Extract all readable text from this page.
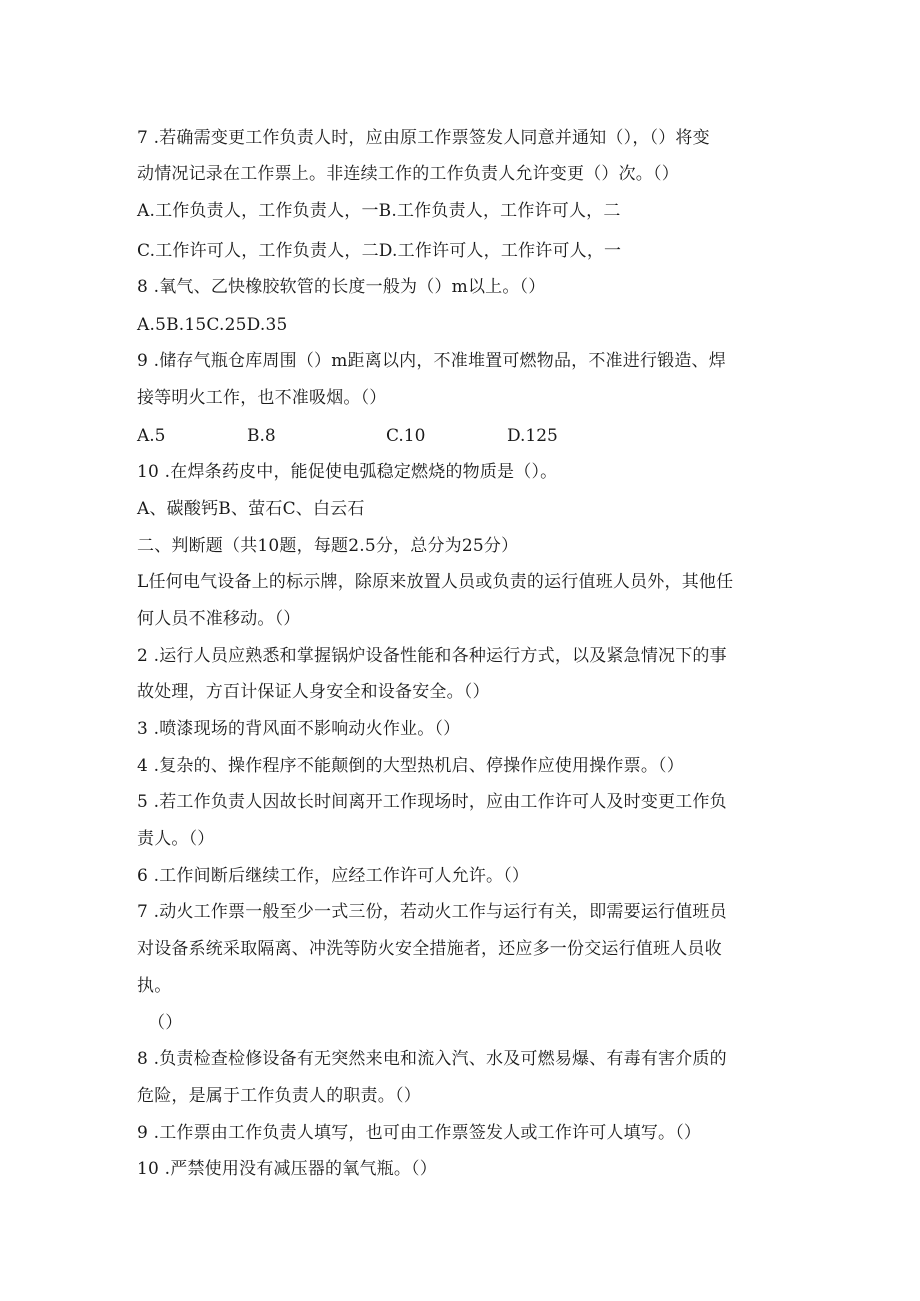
7 .若确需变更工作负责人时，应由原工作票签发人同意并通知（），（）将变
动情况记录在工作票上。非连续工作的工作负责人允许变更（）次。（）
A.工作负责人，工作负责人，一B.工作负责人，工作许可人，二
C.工作许可人，工作负责人，二D.工作许可人，工作许可人，一
8 .氧气、乙快橡胶软管的长度一般为（）m以上。（）
A.5B.15C.25D.35
9 .储存气瓶仓库周围（）m距离以内，不准堆置可燃物品，不准进行锻造、焊
接等明火工作，也不准吸烟。（）
A.5	B.8	C.10	D.125
10 .在焊条药皮中，能促使电弧稳定燃烧的物质是（）。
A、碳酸钙B、萤石C、白云石
二、判断题（共10题，每题2.5分，总分为25分）
L任何电气设备上的标示牌，除原来放置人员或负责的运行值班人员外，其他任
何人员不准移动。（）
2 .运行人员应熟悉和掌握锅炉设备性能和各种运行方式，以及紧急情况下的事
故处理，方百计保证人身安全和设备安全。（）
3 .喷漆现场的背风面不影响动火作业。（）
4 .复杂的、操作程序不能颠倒的大型热机启、停操作应使用操作票。（）
5 .若工作负责人因故长时间离开工作现场时，应由工作许可人及时变更工作负
责人。（）
6 .工作间断后继续工作，应经工作许可人允许。（）
7 .动火工作票一般至少一式三份，若动火工作与运行有关，即需要运行值班员
对设备系统采取隔离、冲洗等防火安全措施者，还应多一份交运行值班人员收
执。
（）
8 .负责检查检修设备有无突然来电和流入汽、水及可燃易爆、有毒有害介质的
危险，是属于工作负责人的职责。（）
9 .工作票由工作负责人填写，也可由工作票签发人或工作许可人填写。（）
10 .严禁使用没有减压器的氧气瓶。（）
